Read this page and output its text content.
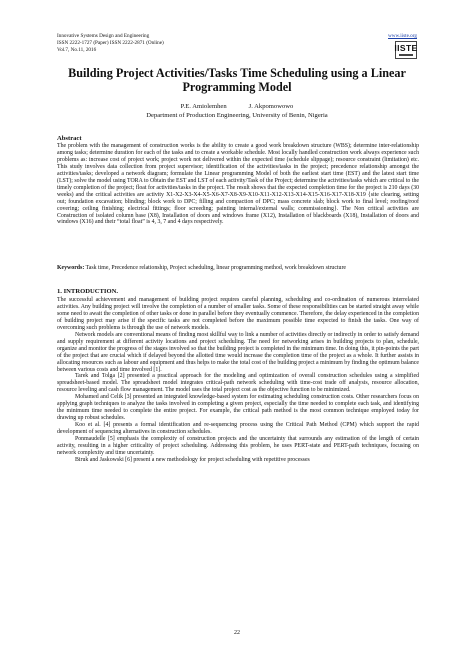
Innovative Systems Design and Engineering
ISSN 2222-1727 (Paper) ISSN 2222-2871 (Online)
Vol.7, No.11, 2016
www.iiste.org
IISTE
Building Project Activities/Tasks Time Scheduling using a Linear Programming Model
P.E. Amiolemhen	J. Akpomowowo
Department of Production Engineering, University of Benin, Nigeria
Abstract

The problem with the management of construction works is the ability to create a good work breakdown structure (WBS); determine inter-relationship among tasks; determine duration for each of the tasks and to create a workable schedule. Most locally handled construction work always experience such problems as: increase cost of project work; project work not delivered within the expected time (schedule slippage); resource constraint (limitation) etc. This study involves data collection from project supervisor; identification of the activities/tasks in the project; precedence relationship amongst the activities/tasks; developed a network diagram; formulate the Linear programming Model of both the earliest start time (EST) and the latest start time (LST); solve the model using TORA to Obtain the EST and LST of each activity/Task of the Project; determine the activities/tasks which are critical to the timely completion of the project; float for activities/tasks in the project. The result shows that the expected completion time for the project is 210 days (30 weeks) and the critical activities are activity X1-X2-X3-X4-X5-X6-X7-X8-X9-X10-X11-X12-X13-X14-X15-X16-X17-X18-X19 {site clearing, setting out; foundation excavation; blinding; block work to DPC; filling and compaction of DPC; mass concrete slab; block work to final level; roofing/roof covering; ceiling finishing; electrical fittings; floor screeding; painting internal/external walls; commissioning}. The Non critical activities are Construction of isolated column base (X8), Installation of doors and windows frame (X12), Installation of blackboards (X18), Installation of doors and windows (X16) and their “total float” is 4, 3, 7 and 4 days respectively.

Keywords: Task time, Precedence relationship, Project scheduling, linear programming method, work breakdown structure
1. INTRODUCTION.

The successful achievement and management of building project requires careful planning, scheduling and co-ordination of numerous interrelated activities. Any building project will involve the completion of a number of smaller tasks. Some of these responsibilities can be started straight away while some need to await the completion of other tasks or done in parallel before they eventually commence. Therefore, the delay experienced in the completion of building project may arise if the specific tasks are not completed before the maximum possible time expected to finish the tasks. One way of overcoming such problems is through the use of network models.

Network models are conventional means of finding most skillful way to link a number of activities directly or indirectly in order to satisfy demand and supply requirement at different activity locations and project scheduling. The need for networking arises in building projects to plan, schedule, organize and monitor the progress of the stages involved so that the building project is completed in the minimum time. In doing this, it pin-points the part of the project that are crucial which if delayed beyond the allotted time would increase the completion time of the project as a whole. It further assists in allocating resources such as labour and equipment and thus helps to make the total cost of the building project a minimum by finding the optimum balance between various costs and time involved [1].

Tarek and Tolga [2] presented a practical approach for the modeling and optimization of overall construction schedules using a simplified spreadsheet-based model. The spreadsheet model integrates critical-path network scheduling with time-cost trade off analysis, resource allocation, resource leveling and cash flow management. The model uses the total project cost as the objective function to be minimized.

Mohamed and Celik [3] presented an integrated knowledge-based system for estimating scheduling construction costs. Other researchers focus on applying graph techniques to analyze the tasks involved in completing a given project, especially the time needed to complete each task, and identifying the minimum time needed to complete the entire project. For example, the critical path method is the most common technique employed today for drawing up robust schedules.

Koo et al. [4] presents a formal identification and re-sequencing process using the Critical Path Method (CPM) which support the rapid development of sequencing alternatives in construction schedules.

Ponmaudelle [5] emphasis the complexity of construction projects and the uncertainty that surrounds any estimation of the length of certain activity, resulting in a higher criticality of project scheduling. Addressing this problem, he uses PERT-state and PERT-path techniques, focusing on network complexity and time uncertainty.

Biruk and Jaskowski [6] present a new methodology for project scheduling with repetitive processes

22
